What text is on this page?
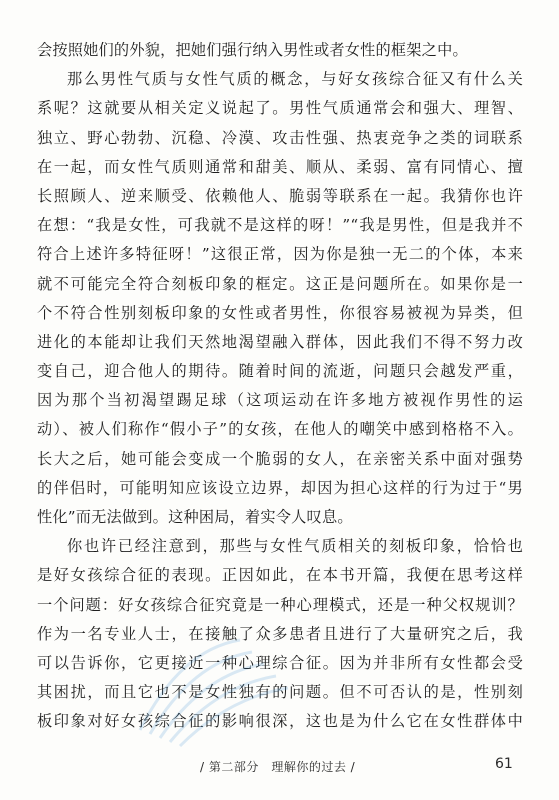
会按照她们的外貌，把她们强行纳入男性或者女性的框架之中。
那么男性气质与女性气质的概念，与好女孩综合征又有什么关
系呢？这就要从相关定义说起了。男性气质通常会和强大、理智、
独立、野心勃勃、沉稳、冷漠、攻击性强、热衷竞争之类的词联系
在一起，而女性气质则通常和甜美、顺从、柔弱、富有同情心、擅
长照顾人、逆来顺受、依赖他人、脆弱等联系在一起。我猜你也许
在想：“我是女性，可我就不是这样的呀！”“我是男性，但是我并不
符合上述许多特征呀！”这很正常，因为你是独一无二的个体，本来
就不可能完全符合刻板印象的框定。这正是问题所在。如果你是一
个不符合性别刻板印象的女性或者男性，你很容易被视为异类，但
进化的本能却让我们天然地渴望融入群体，因此我们不得不努力改
变自己，迎合他人的期待。随着时间的流逝，问题只会越发严重，
因为那个当初渴望踢足球（这项运动在许多地方被视作男性的运
动）、被人们称作“假小子”的女孩，在他人的嘲笑中感到格格不入。
长大之后，她可能会变成一个脆弱的女人，在亲密关系中面对强势
的伴侣时，可能明知应该设立边界，却因为担心这样的行为过于“男
性化”而无法做到。这种困局，着实令人叹息。
你也许已经注意到，那些与女性气质相关的刻板印象，恰恰也
是好女孩综合征的表现。正因如此，在本书开篇，我便在思考这样
一个问题：好女孩综合征究竟是一种心理模式，还是一种父权规训？
作为一名专业人士，在接触了众多患者且进行了大量研究之后，我
可以告诉你，它更接近一种心理综合征。因为并非所有女性都会受
其困扰，而且它也不是女性独有的问题。但不可否认的是，性别刻
板印象对好女孩综合征的影响很深，这也是为什么它在女性群体中
/ 第二部分　理解你的过去 /	61
